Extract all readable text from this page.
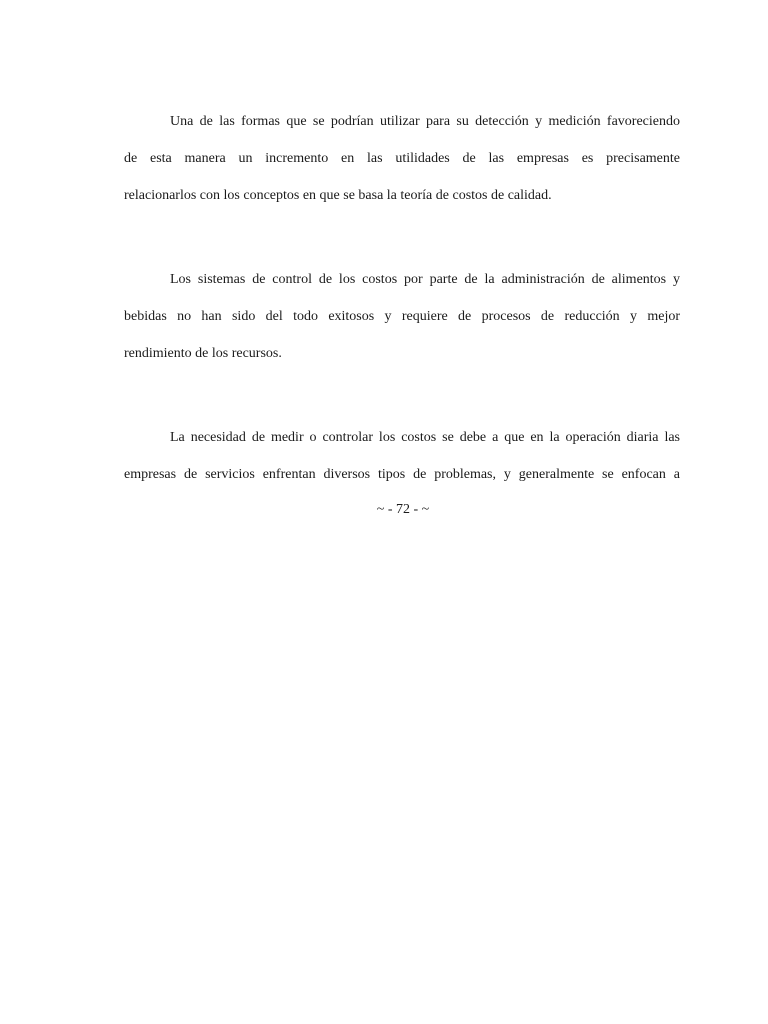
Una de las formas que se podrían utilizar para su detección y medición favoreciendo
de esta manera un incremento en las utilidades de las empresas es precisamente
relacionarlos con los conceptos en que se basa la teoría de costos de calidad.
Los sistemas de control de los costos por parte de la administración de alimentos y
bebidas no han sido del todo exitosos y requiere de procesos de reducción y mejor
rendimiento de los recursos.
La necesidad de medir o controlar los costos se debe a que en la operación diaria las
empresas de servicios enfrentan diversos tipos de problemas, y generalmente se enfocan a
~ - 72 - ~
